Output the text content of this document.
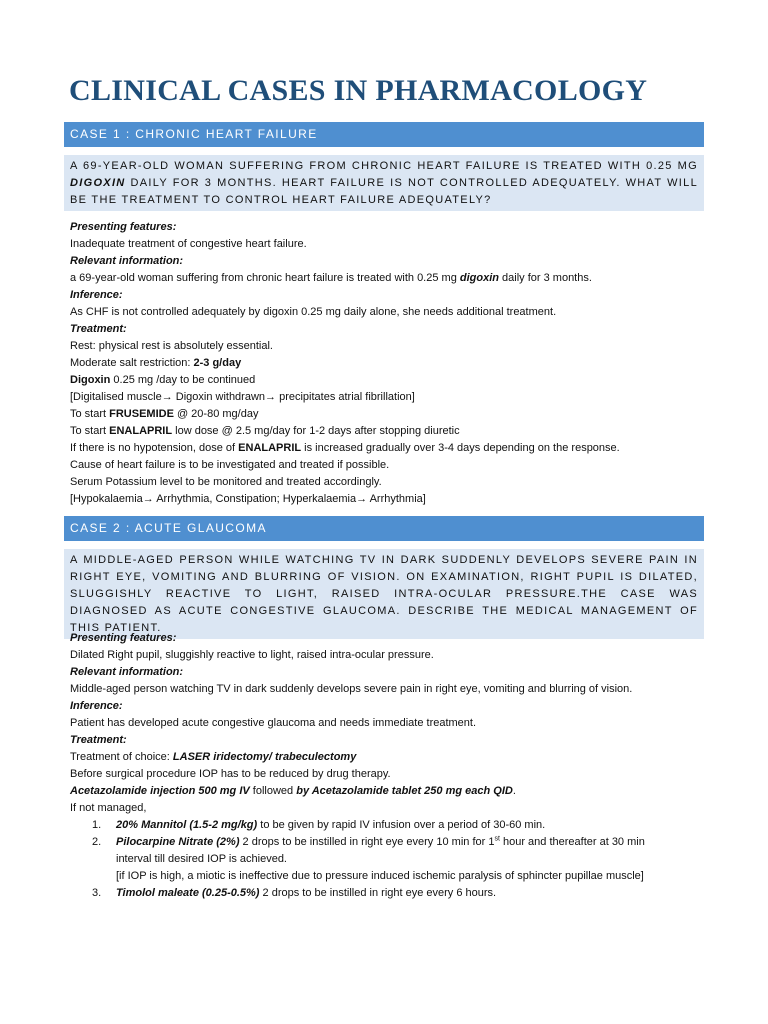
CLINICAL CASES IN PHARMACOLOGY
CASE 1 : CHRONIC HEART FAILURE
A 69-YEAR-OLD WOMAN SUFFERING FROM CHRONIC HEART FAILURE IS TREATED WITH 0.25 MG DIGOXIN DAILY FOR 3 MONTHS. HEART FAILURE IS NOT CONTROLLED ADEQUATELY. WHAT WILL BE THE TREATMENT TO CONTROL HEART FAILURE ADEQUATELY?
Presenting features:
Inadequate treatment of congestive heart failure.
Relevant information:
a 69-year-old woman suffering from chronic heart failure is treated with 0.25 mg digoxin daily for 3 months.
Inference:
As CHF is not controlled adequately by digoxin 0.25 mg daily alone, she needs additional treatment.
Treatment:
Rest: physical rest is absolutely essential.
Moderate salt restriction: 2-3 g/day
Digoxin 0.25 mg /day to be continued
[Digitalised muscle→ Digoxin withdrawn→ precipitates atrial fibrillation]
To start FRUSEMIDE @ 20-80 mg/day
To start ENALAPRIL low dose @ 2.5 mg/day for 1-2 days after stopping diuretic
If there is no hypotension, dose of ENALAPRIL is increased gradually over 3-4 days depending on the response.
Cause of heart failure is to be investigated and treated if possible.
Serum Potassium level to be monitored and treated accordingly.
[Hypokalaemia→ Arrhythmia, Constipation; Hyperkalaemia→ Arrhythmia]
CASE 2 : ACUTE GLAUCOMA
A MIDDLE-AGED PERSON WHILE WATCHING TV IN DARK SUDDENLY DEVELOPS SEVERE PAIN IN RIGHT EYE, VOMITING AND BLURRING OF VISION. ON EXAMINATION, RIGHT PUPIL IS DILATED, SLUGGISHLY REACTIVE TO LIGHT, RAISED INTRA-OCULAR PRESSURE.THE CASE WAS DIAGNOSED AS ACUTE CONGESTIVE GLAUCOMA. DESCRIBE THE MEDICAL MANAGEMENT OF THIS PATIENT.
Presenting features:
Dilated Right pupil, sluggishly reactive to light, raised intra-ocular pressure.
Relevant information:
Middle-aged person watching TV in dark suddenly develops severe pain in right eye, vomiting and blurring of vision.
Inference:
Patient has developed acute congestive glaucoma and needs immediate treatment.
Treatment:
Treatment of choice: LASER iridectomy/ trabeculectomy
Before surgical procedure IOP has to be reduced by drug therapy.
Acetazolamide injection 500 mg IV followed by Acetazolamide tablet 250 mg each QID.
If not managed,
1. 20% Mannitol (1.5-2 mg/kg) to be given by rapid IV infusion over a period of 30-60 min.
2. Pilocarpine Nitrate (2%) 2 drops to be instilled in right eye every 10 min for 1st hour and thereafter at 30 min
interval till desired IOP is achieved.
[if IOP is high, a miotic is ineffective due to pressure induced ischemic paralysis of sphincter pupillae muscle]
3. Timolol maleate (0.25-0.5%) 2 drops to be instilled in right eye every 6 hours.
